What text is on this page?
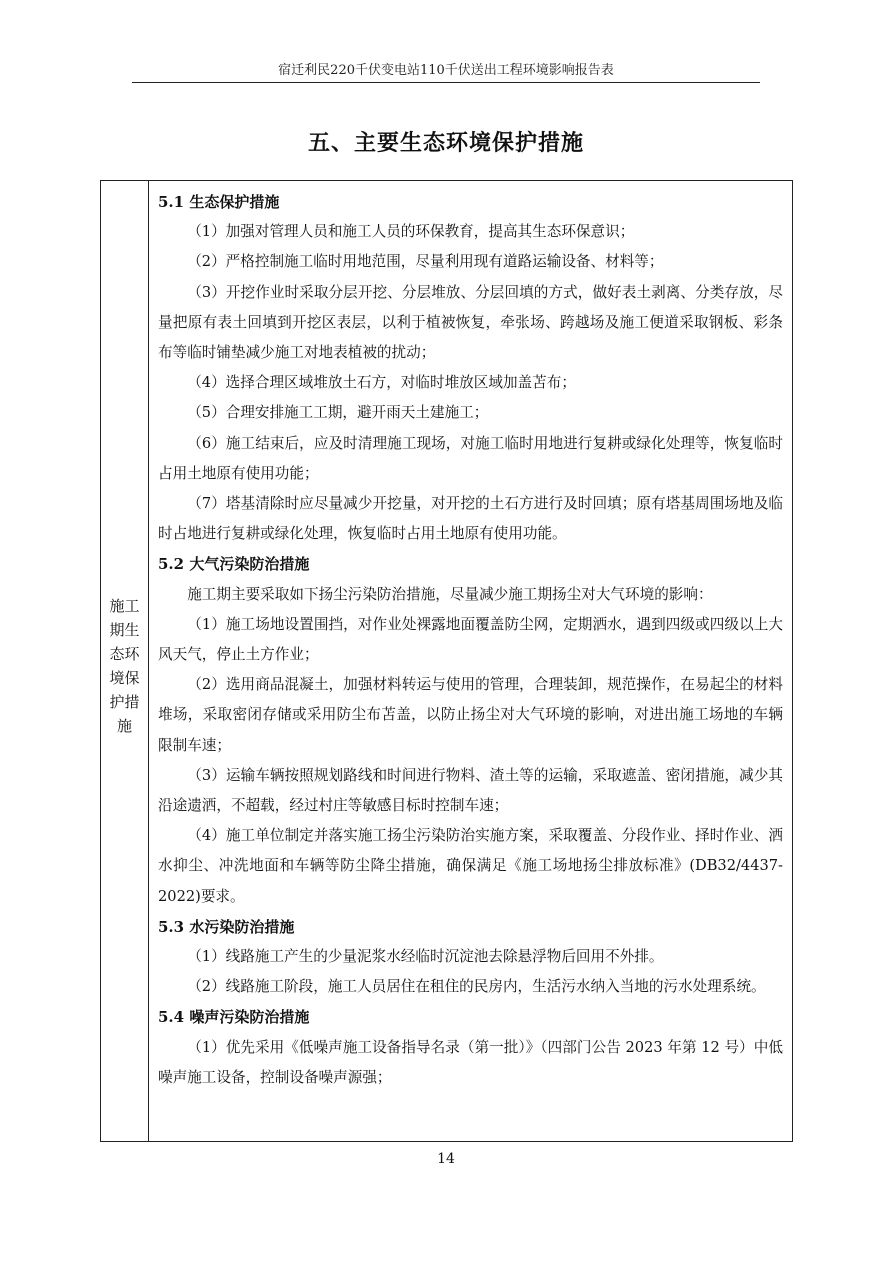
宿迁利民220千伏变电站110千伏送出工程环境影响报告表
五、主要生态环境保护措施
施工期生态环境保护措施
5.1 生态保护措施

（1）加强对管理人员和施工人员的环保教育，提高其生态环保意识；

（2）严格控制施工临时用地范围，尽量利用现有道路运输设备、材料等；

（3）开挖作业时采取分层开挖、分层堆放、分层回填的方式，做好表土剥离、分类存放，尽量把原有表土回填到开挖区表层，以利于植被恢复，牵张场、跨越场及施工便道采取钢板、彩条布等临时铺垫减少施工对地表植被的扰动；

（4）选择合理区域堆放土石方，对临时堆放区域加盖苫布；

（5）合理安排施工工期，避开雨天土建施工；

（6）施工结束后，应及时清理施工现场，对施工临时用地进行复耕或绿化处理等，恢复临时占用土地原有使用功能；

（7）塔基清除时应尽量减少开挖量，对开挖的土石方进行及时回填；原有塔基周围场地及临时占地进行复耕或绿化处理，恢复临时占用土地原有使用功能。

5.2 大气污染防治措施

施工期主要采取如下扬尘污染防治措施，尽量减少施工期扬尘对大气环境的影响：

（1）施工场地设置围挡，对作业处裸露地面覆盖防尘网，定期洒水，遇到四级或四级以上大风天气，停止土方作业；

（2）选用商品混凝土，加强材料转运与使用的管理，合理装卸，规范操作，在易起尘的材料堆场，采取密闭存储或采用防尘布苫盖，以防止扬尘对大气环境的影响，对进出施工场地的车辆限制车速；

（3）运输车辆按照规划路线和时间进行物料、渣土等的运输，采取遮盖、密闭措施，减少其沿途遗洒，不超载，经过村庄等敏感目标时控制车速；

（4）施工单位制定并落实施工扬尘污染防治实施方案，采取覆盖、分段作业、择时作业、洒水抑尘、冲洗地面和车辆等防尘降尘措施，确保满足《施工场地扬尘排放标准》(DB32/4437-2022)要求。

5.3 水污染防治措施

（1）线路施工产生的少量泥浆水经临时沉淀池去除悬浮物后回用不外排。

（2）线路施工阶段，施工人员居住在租住的民房内，生活污水纳入当地的污水处理系统。

5.4 噪声污染防治措施

（1）优先采用《低噪声施工设备指导名录（第一批）》（四部门公告 2023 年第 12 号）中低噪声施工设备，控制设备噪声源强；

14
